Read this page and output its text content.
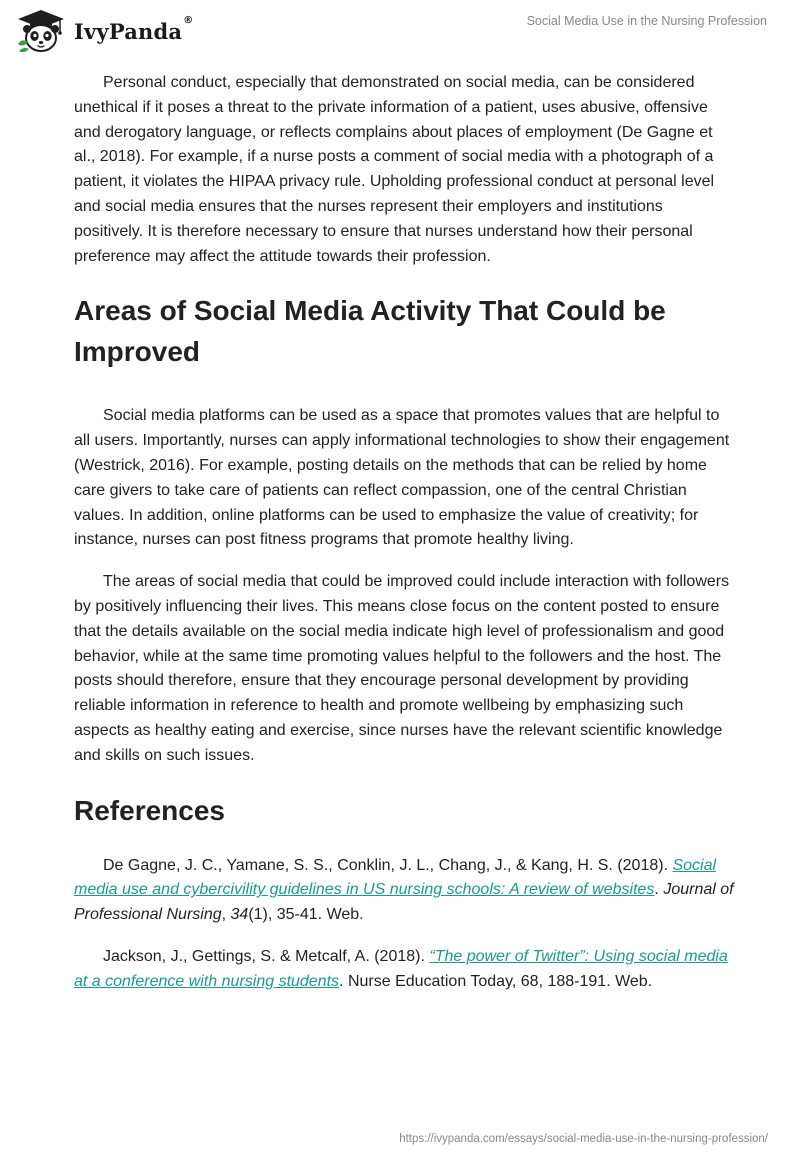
IvyPanda®	Social Media Use in the Nursing Profession

Personal conduct, especially that demonstrated on social media, can be considered unethical if it poses a threat to the private information of a patient, uses abusive, offensive and derogatory language, or reflects complains about places of employment (De Gagne et al., 2018). For example, if a nurse posts a comment of social media with a photograph of a patient, it violates the HIPAA privacy rule. Upholding professional conduct at personal level and social media ensures that the nurses represent their employers and institutions positively. It is therefore necessary to ensure that nurses understand how their personal preference may affect the attitude towards their profession.

Areas of Social Media Activity That Could be Improved

Social media platforms can be used as a space that promotes values that are helpful to all users. Importantly, nurses can apply informational technologies to show their engagement (Westrick, 2016). For example, posting details on the methods that can be relied by home care givers to take care of patients can reflect compassion, one of the central Christian values. In addition, online platforms can be used to emphasize the value of creativity; for instance, nurses can post fitness programs that promote healthy living.

The areas of social media that could be improved could include interaction with followers by positively influencing their lives. This means close focus on the content posted to ensure that the details available on the social media indicate high level of professionalism and good behavior, while at the same time promoting values helpful to the followers and the host. The posts should therefore, ensure that they encourage personal development by providing reliable information in reference to health and promote wellbeing by emphasizing such aspects as healthy eating and exercise, since nurses have the relevant scientific knowledge and skills on such issues.

References

De Gagne, J. C., Yamane, S. S., Conklin, J. L., Chang, J., & Kang, H. S. (2018). Social media use and cybercivility guidelines in US nursing schools: A review of websites. Journal of Professional Nursing, 34(1), 35-41. Web.

Jackson, J., Gettings, S. & Metcalf, A. (2018). “The power of Twitter”: Using social media at a conference with nursing students. Nurse Education Today, 68, 188-191. Web.

https://ivypanda.com/essays/social-media-use-in-the-nursing-profession/
